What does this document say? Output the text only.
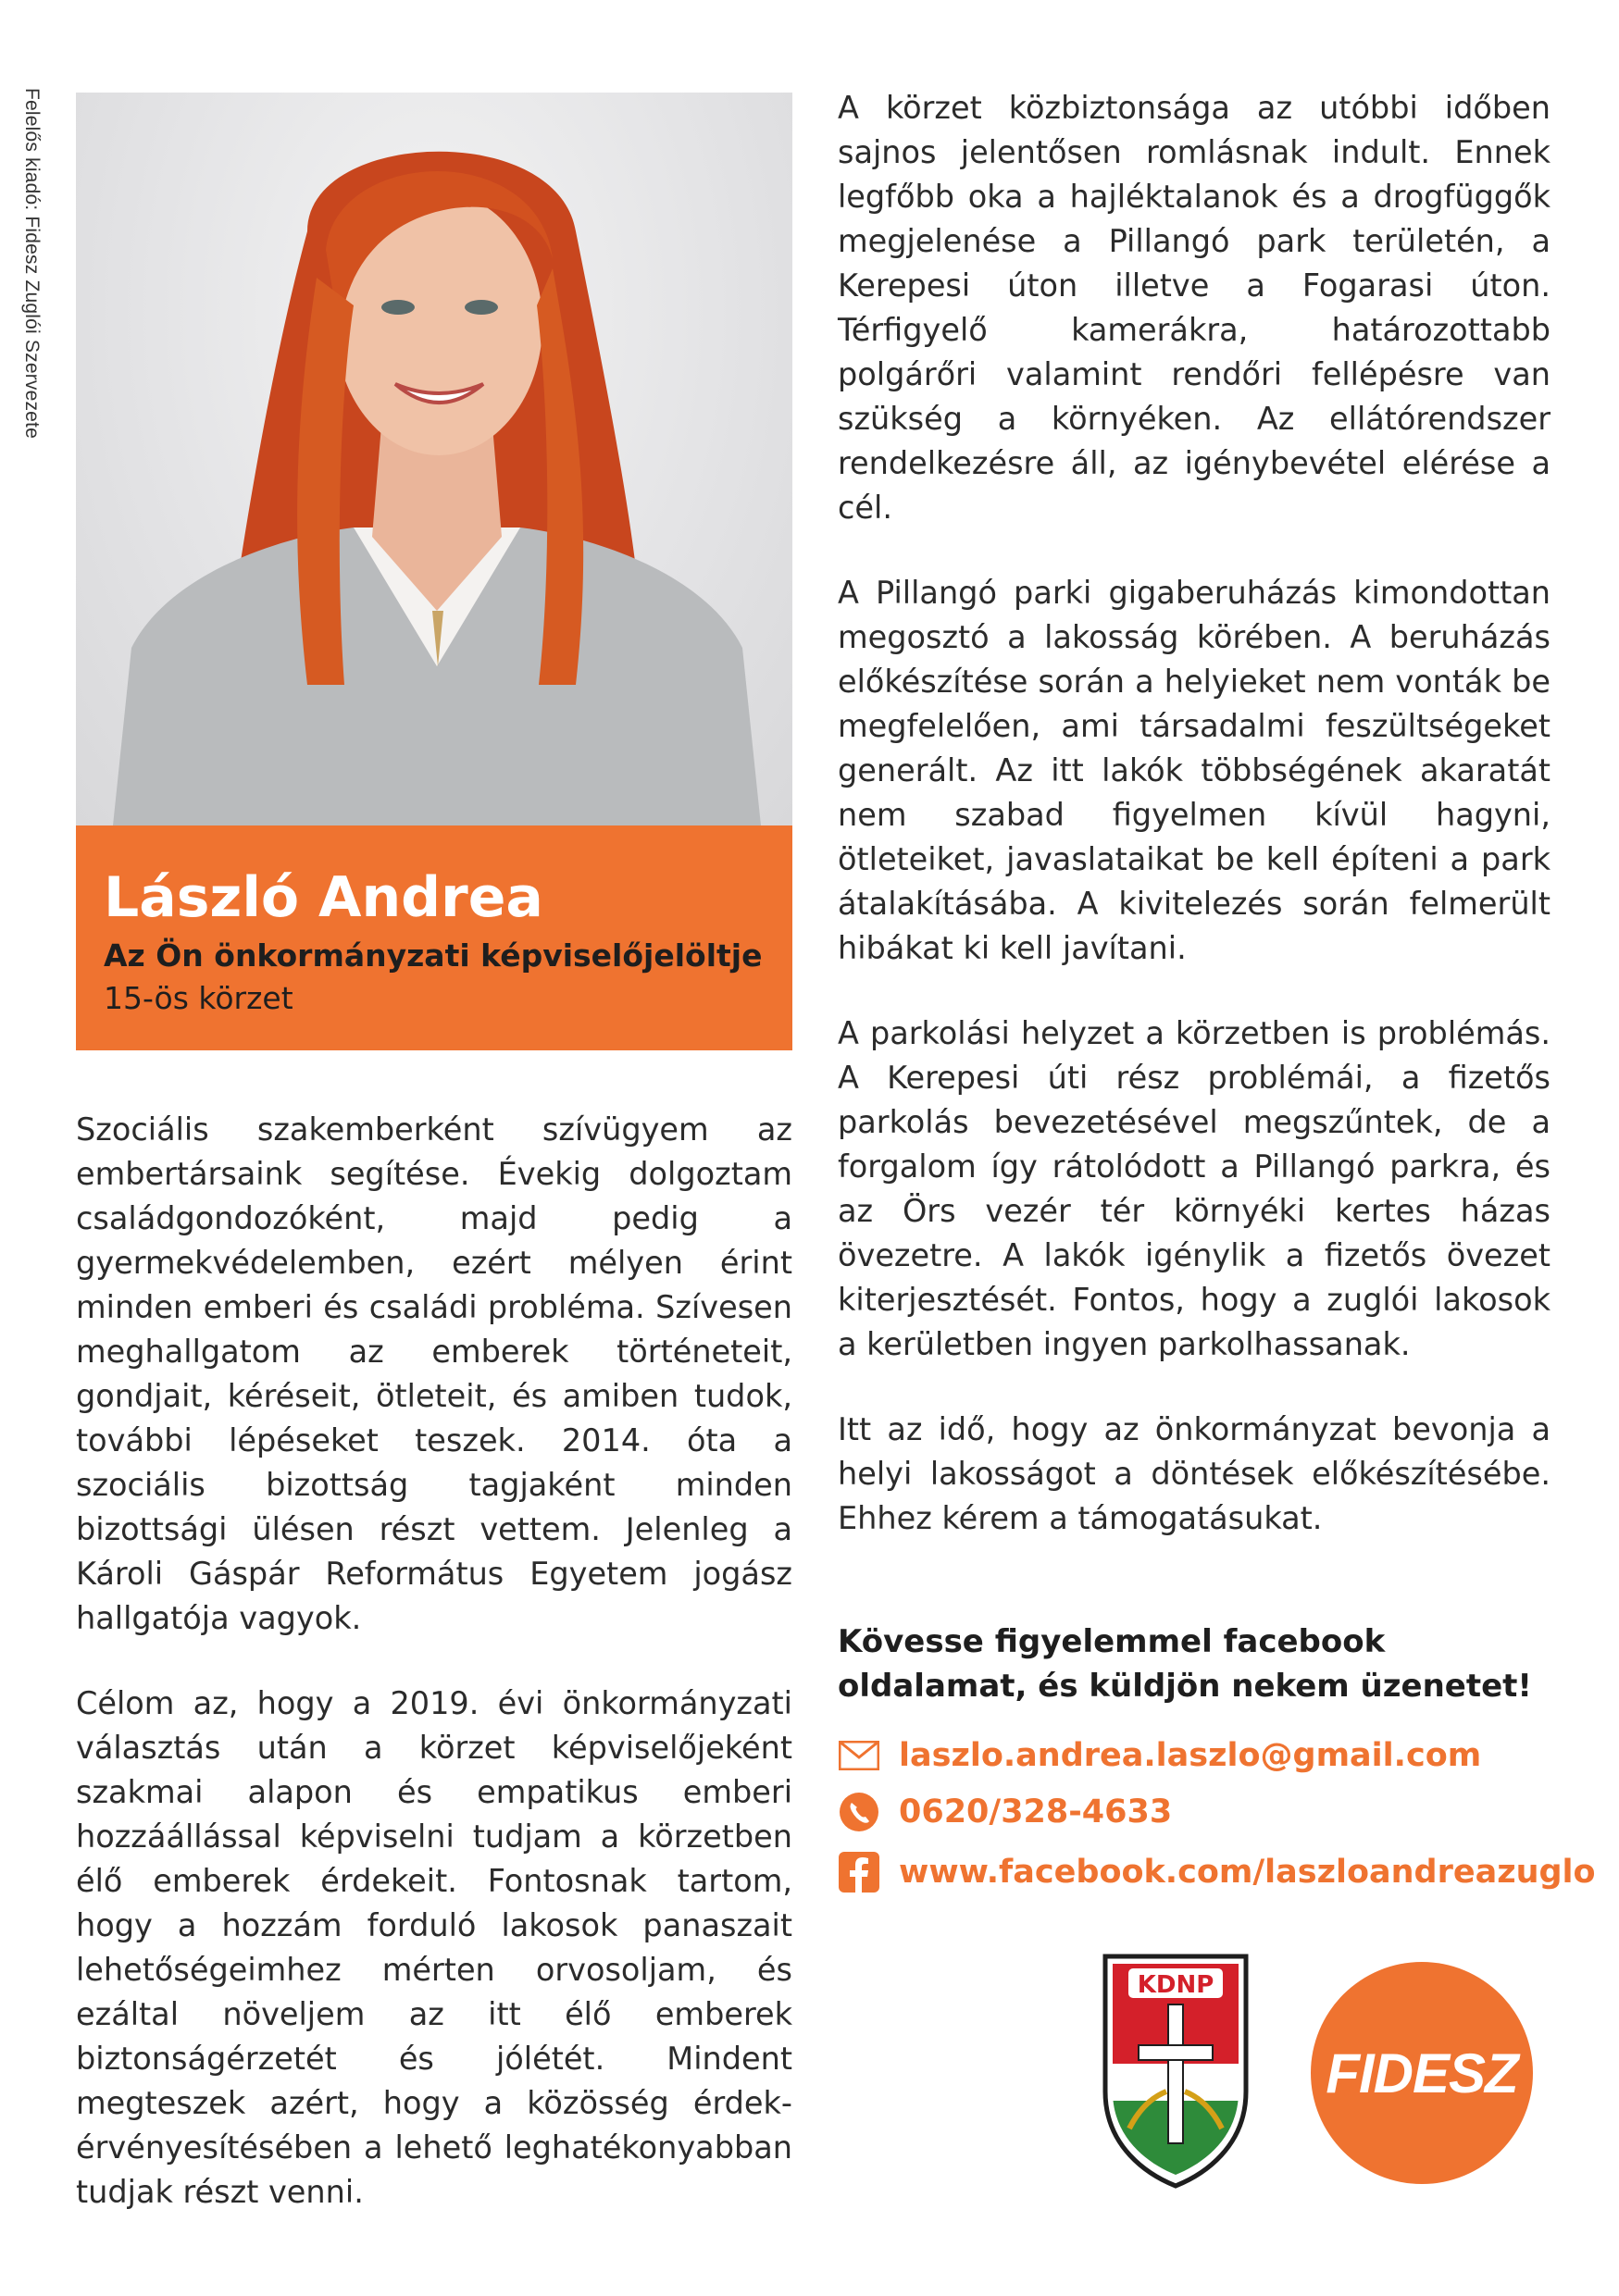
Felelős kiadó: Fidesz Zuglói Szervezete
László Andrea
Az Ön önkormányzati képviselőjelöltje
15-ös körzet

Szociális szakemberként szívügyem az embertársaink segítése. Évekig dolgoztam családgondozóként, majd pedig a gyermekvédelemben, ezért mélyen érint minden emberi és családi probléma. Szívesen meghallgatom az emberek történeteit, gondjait, kéréseit, ötleteit, és amiben tudok, további lépéseket teszek. 2014. óta a szociális bizottság tagjaként minden bizottsági ülésen részt vettem. Jelenleg a Károli Gáspár Református Egyetem jogász hallgatója vagyok.

Célom az, hogy a 2019. évi önkormányzati választás után a körzet képviselőjeként szakmai alapon és empatikus emberi hozzáállással képviselni tudjam a körzetben élő emberek érdekeit. Fontosnak tartom, hogy a hozzám forduló lakosok panaszait lehetőségeimhez mérten orvosoljam, és ezáltal növeljem az itt élő emberek biztonságérzetét és jólétét. Mindent megteszek azért, hogy a közösség érdek-érvényesítésében a lehető leghatékonyabban tudjak részt venni.

A körzet közbiztonsága az utóbbi időben sajnos jelentősen romlásnak indult. Ennek legfőbb oka a hajléktalanok és a drogfüggők megjelenése a Pillangó park területén, a Kerepesi úton illetve a Fogarasi úton. Térfigyelő kamerákra, határozottabb polgárőri valamint rendőri fellépésre van szükség a környéken. Az ellátórendszer rendelkezésre áll, az igénybevétel elérése a cél.

A Pillangó parki gigaberuházás kimondottan megosztó a lakosság körében. A beruházás előkészítése során a helyieket nem vonták be megfelelően, ami társadalmi feszültségeket generált. Az itt lakók többségének akaratát nem szabad figyelmen kívül hagyni, ötleteiket, javaslataikat be kell építeni a park átalakításába. A kivitelezés során felmerült hibákat ki kell javítani.

A parkolási helyzet a körzetben is problémás. A Kerepesi úti rész problémái, a fizetős parkolás bevezetésével megszűntek, de a forgalom így rátolódott a Pillangó parkra, és az Örs vezér tér környéki kertes házas övezetre. A lakók igénylik a fizetős övezet kiterjesztését. Fontos, hogy a zuglói lakosok a kerületben ingyen parkolhassanak.

Itt az idő, hogy az önkormányzat bevonja a helyi lakosságot a döntések előkészítésébe. Ehhez kérem a támogatásukat.

Kövesse figyelemmel facebook oldalamat, és küldjön nekem üzenetet!
laszlo.andrea.laszlo@gmail.com
0620/328-4633
www.facebook.com/laszloandreazuglo
KDNP
FIDESZ
